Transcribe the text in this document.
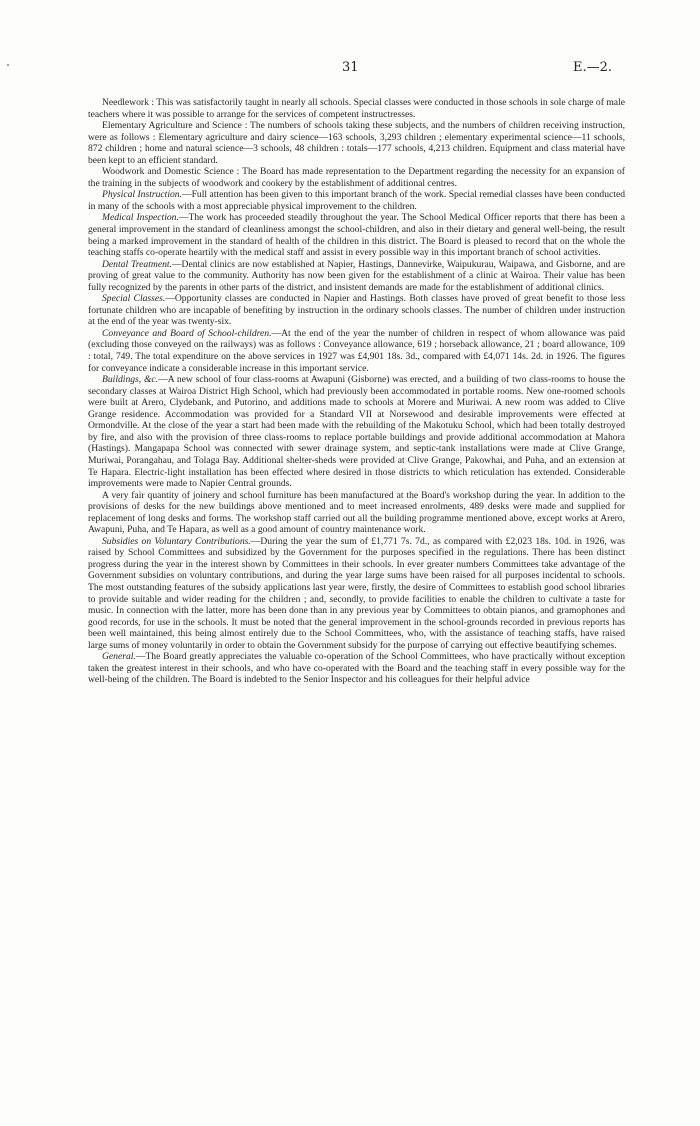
31	E.—2.

Needlework : This was satisfactorily taught in nearly all schools. Special classes were conducted in those schools in sole charge of male teachers where it was possible to arrange for the services of competent instructresses.

Elementary Agriculture and Science : The numbers of schools taking these subjects, and the numbers of children receiving instruction, were as follows : Elementary agriculture and dairy science—163 schools, 3,293 children ; elementary experimental science—11 schools, 872 children ; home and natural science—3 schools, 48 children : totals—177 schools, 4,213 children. Equipment and class material have been kept to an efficient standard.

Woodwork and Domestic Science : The Board has made representation to the Department regarding the necessity for an expansion of the training in the subjects of woodwork and cookery by the establishment of additional centres.

Physical Instruction.—Full attention has been given to this important branch of the work. Special remedial classes have been conducted in many of the schools with a most appreciable physical improvement to the children.

Medical Inspection.—The work has proceeded steadily throughout the year. The School Medical Officer reports that there has been a general improvement in the standard of cleanliness amongst the school-children, and also in their dietary and general well-being, the result being a marked improvement in the standard of health of the children in this district. The Board is pleased to record that on the whole the teaching staffs co-operate heartily with the medical staff and assist in every possible way in this important branch of school activities.

Dental Treatment.—Dental clinics are now established at Napier, Hastings, Dannevirke, Waipukurau, Waipawa, and Gisborne, and are proving of great value to the community. Authority has now been given for the establishment of a clinic at Wairoa. Their value has been fully recognized by the parents in other parts of the district, and insistent demands are made for the establishment of additional clinics.

Special Classes.—Opportunity classes are conducted in Napier and Hastings. Both classes have proved of great benefit to those less fortunate children who are incapable of benefiting by instruction in the ordinary schools classes. The number of children under instruction at the end of the year was twenty-six.

Conveyance and Board of School-children.—At the end of the year the number of children in respect of whom allowance was paid (excluding those conveyed on the railways) was as follows : Conveyance allowance, 619 ; horseback allowance, 21 ; board allowance, 109 : total, 749. The total expenditure on the above services in 1927 was £4,901 18s. 3d., compared with £4,071 14s. 2d. in 1926. The figures for conveyance indicate a considerable increase in this important service.

Buildings, &c.—A new school of four class-rooms at Awapuni (Gisborne) was erected, and a building of two class-rooms to house the secondary classes at Wairoa District High School, which had previously been accommodated in portable rooms. New one-roomed schools were built at Arero, Clydebank, and Putorino, and additions made to schools at Morere and Muriwai. A new room was added to Clive Grange residence. Accommodation was provided for a Standard VII at Norsewood and desirable improvements were effected at Ormondville. At the close of the year a start had been made with the rebuilding of the Makotuku School, which had been totally destroyed by fire, and also with the provision of three class-rooms to replace portable buildings and provide additional accommodation at Mahora (Hastings). Mangapapa School was connected with sewer drainage system, and septic-tank installations were made at Clive Grange, Muriwai, Porangahau, and Tolaga Bay. Additional shelter-sheds were provided at Clive Grange, Pakowhai, and Puha, and an extension at Te Hapara. Electric-light installation has been effected where desired in those districts to which reticulation has extended. Considerable improvements were made to Napier Central grounds.

A very fair quantity of joinery and school furniture has been manufactured at the Board's workshop during the year. In addition to the provisions of desks for the new buildings above mentioned and to meet increased enrolments, 489 desks were made and supplied for replacement of long desks and forms. The workshop staff carried out all the building programme mentioned above, except works at Arero, Awapuni, Puha, and Te Hapara, as well as a good amount of country maintenance work.

Subsidies on Voluntary Contributions.—During the year the sum of £1,771 7s. 7d., as compared with £2,023 18s. 10d. in 1926, was raised by School Committees and subsidized by the Government for the purposes specified in the regulations. There has been distinct progress during the year in the interest shown by Committees in their schools. In ever greater numbers Committees take advantage of the Government subsidies on voluntary contributions, and during the year large sums have been raised for all purposes incidental to schools. The most outstanding features of the subsidy applications last year were, firstly, the desire of Committees to establish good school libraries to provide suitable and wider reading for the children ; and, secondly, to provide facilities to enable the children to cultivate a taste for music. In connection with the latter, more has been done than in any previous year by Committees to obtain pianos, and gramophones and good records, for use in the schools. It must be noted that the general improvement in the school-grounds recorded in previous reports has been well maintained, this being almost entirely due to the School Committees, who, with the assistance of teaching staffs, have raised large sums of money voluntarily in order to obtain the Government subsidy for the purpose of carrying out effective beautifying schemes.

General.—The Board greatly appreciates the valuable co-operation of the School Committees, who have practically without exception taken the greatest interest in their schools, and who have co-operated with the Board and the teaching staff in every possible way for the well-being of the children. The Board is indebted to the Senior Inspector and his colleagues for their helpful advice
